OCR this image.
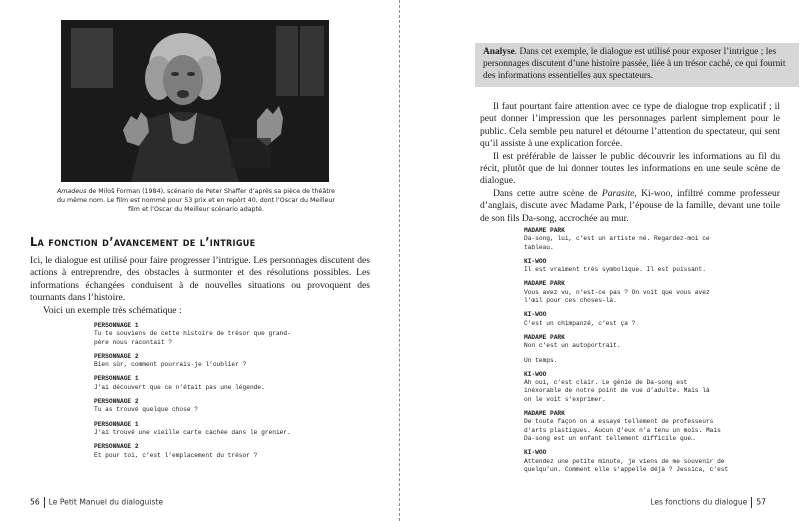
Amadeus de Miloš Forman (1984), scénario de Peter Shaffer d’après sa pièce de théâtre du même nom. Le film est nommé pour 53 prix et en repòrt 40, dont l’Oscar du Meilleur film et l’Oscar du Meilleur scénario adapté.
La fonction d’avancement de l’intrigue

Ici, le dialogue est utilisé pour faire progresser l’intrigue. Les personnages discutent des actions à entreprendre, des obstacles à surmonter et des résolutions possibles. Les informations échangées conduisent à de nouvelles situations ou provoquent des tournants dans l’histoire.

Voici un exemple très schématique :

PERSONNAGE 1
Tu te souviens de cette histoire de trésor que grand-
père nous racontait ?
PERSONNAGE 2
Bien sûr, comment pourrais-je l’oublier ?
PERSONNAGE 1
J’ai découvert que ce n’était pas une légende.
PERSONNAGE 2
Tu as trouvé quelque chose ?
PERSONNAGE 1
J’ai trouvé une vieille carte cachée dans le grenier.
PERSONNAGE 2
Et pour toi, c’est l’emplacement du trésor ?
56 Le Petit Manuel du dialoguiste
Analyse. Dans cet exemple, le dialogue est utilisé pour exposer l’intrigue ; les personnages discutent d’une histoire passée, liée à un trésor caché, ce qui fournit des informations essentielles aux spectateurs.

Il faut pourtant faire attention avec ce type de dialogue trop explicatif ; il peut donner l’impression que les personnages parlent simplement pour le public. Cela semble peu naturel et détourne l’attention du spectateur, qui sent qu’il assiste à une explication forcée.

Il est préférable de laisser le public découvrir les informations au fil du récit, plutôt que de lui donner toutes les informations en une seule scène de dialogue.

Dans cette autre scène de Parasite, Ki-woo, infiltré comme professeur d’anglais, discute avec Madame Park, l’épouse de la famille, devant une toile de son fils Da-song, accrochée au mur.

MADAME PARK
Da-song, lui, c’est un artiste né. Regardez-moi ce
tableau.
KI-WOO
Il est vraiment très symbolique. Il est puissant.
MADAME PARK
Vous avez vu, n’est-ce pas ? On voit que vous avez
l’œil pour ces choses-là.
KI-WOO
C’est un chimpanzé, c’est ça ?
MADAME PARK
Non c’est un autoportrait.
Un temps.
KI-WOO
Ah oui, c’est clair. Le génie de Da-song est
inéxorable de notre point de vue d’adulte. Mais là
on le voit s’exprimer.
MADAME PARK
De toute façon on a essayé tellement de professeurs
d’arts plastiques. Aucun d’eux n’a tenu un mois. Mais
Da-song est un enfant tellement difficile que…
KI-WOO
Attendez une petite minute, je viens de me souvenir de
quelqu’un. Comment elle s’appelle déjà ? Jessica, c’est
Les fonctions du dialogue 57
